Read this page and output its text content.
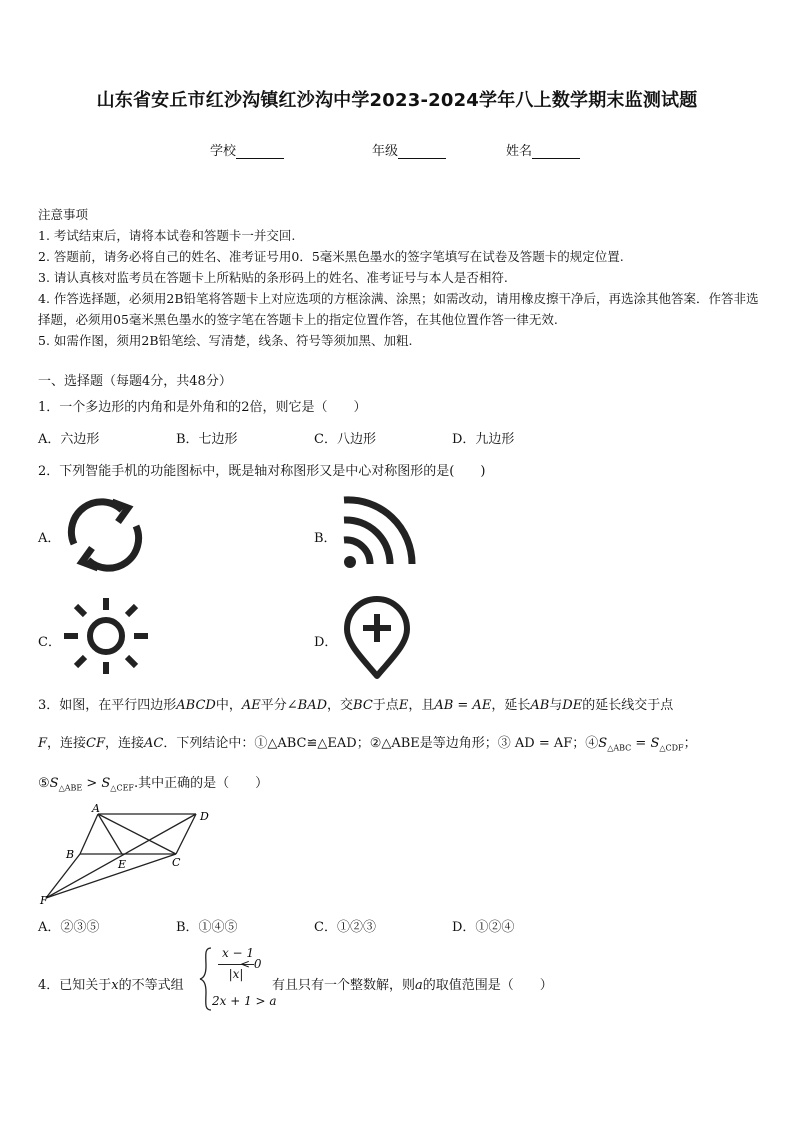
山东省安丘市红沙沟镇红沙沟中学2023-2024学年八上数学期末监测试题
学校	年级	姓名

注意事项

1. 考试结束后，请将本试卷和答题卡一并交回.

2. 答题前，请务必将自己的姓名、准考证号用0．5毫米黑色墨水的签字笔填写在试卷及答题卡的规定位置.

3. 请认真核对监考员在答题卡上所粘贴的条形码上的姓名、准考证号与本人是否相符.

4. 作答选择题，必须用2B铅笔将答题卡上对应选项的方框涂满、涂黑；如需改动，请用橡皮擦干净后，再选涂其他答案．作答非选择题，必须用05毫米黑色墨水的签字笔在答题卡上的指定位置作答，在其他位置作答一律无效.

5. 如需作图，须用2B铅笔绘、写清楚，线条、符号等须加黑、加粗.

一、选择题（每题4分，共48分）
1．一个多边形的内角和是外角和的2倍，则它是（　　）
A．六边形	B．七边形	C．八边形	D．九边形
2．下列智能手机的功能图标中，既是轴对称图形又是中心对称图形的是(　　)
A．	B．
C．	D．
3．如图，在平行四边形ABCD中，AE平分∠BAD，交BC于点E，且AB = AE，延长AB与DE的延长线交于点
F，连接CF，连接AC．下列结论中：①△ABC≌△EAD；②△ABE是等边角形；③ AD = AF；$④S_{\triangle ABC} = S_{\triangle CDF}$；
$⑤S_{\triangle ABE} > S_{\triangle CEF}$.其中正确的是（　　）
A
D
B
E	C
F
A．②③⑤	B．①④⑤	C．①②③	D．①②④
4．已知关于x的不等式组
x − 1
|x|
< 0
2x + 1 > a
有且只有一个整数解，则a的取值范围是（　　）
